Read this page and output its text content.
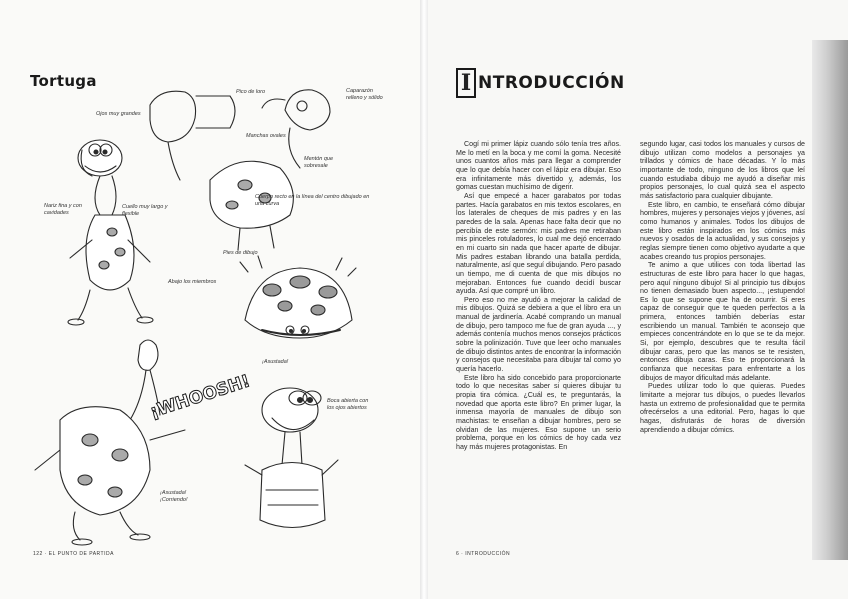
Tortuga
¡WHOOSH!
Ojos muy grandes
Pico de loro	Caparazón relleno y sólido
Manchas ovales
Mentón que sobresale
Cuerpo recto en la línea del centro dibujado en una curva
Nariz fina y con cavidades
Cuello muy largo y flexible
Pies de dibujo
Abajo los miembros
¡Asustada!
Boca abierta con los ojos abiertos
¡Asustada! ¡Corriendo!
122 · EL PUNTO DE PARTIDA
I NTRODUCCIÓN

Cogí mi primer lápiz cuando sólo tenía tres años. Me lo metí en la boca y me comí la goma. Necesité unos cuantos años más para llegar a comprender que lo que debía hacer con el lápiz era dibujar. Eso era infinitamente más divertido y, además, los gomas cuestan muchísimo de digerir.

Así que empecé a hacer garabatos por todas partes. Hacía garabatos en mis textos escolares, en los laterales de cheques de mis padres y en las paredes de la sala. Apenas hace falta decir que no percibía de este sermón: mis padres me retiraban mis pinceles rotuladores, lo cual me dejó encerrado en mi cuarto sin nada que hacer aparte de dibujar. Mis padres estaban librando una batalla perdida, naturalmente, así que seguí dibujando. Pero pasado un tiempo, me di cuenta de que mis dibujos no mejoraban. Entonces fue cuando decidí buscar ayuda. Así que compré un libro.

Pero eso no me ayudó a mejorar la calidad de mis dibujos. Quizá se debiera a que el libro era un manual de jardinería. Acabé comprando un manual de dibujo, pero tampoco me fue de gran ayuda ..., y además contenía muchos menos consejos prácticos sobre la polinización. Tuve que leer ocho manuales de dibujo distintos antes de encontrar la información y consejos que necesitaba para dibujar tal como yo quería hacerlo.

Este libro ha sido concebido para proporcionarte todo lo que necesitas saber si quieres dibujar tu propia tira cómica. ¿Cuál es, te preguntarás, la novedad que aporta este libro? En primer lugar, la inmensa mayoría de manuales de dibujo son machistas: te enseñan a dibujar hombres, pero se olvidan de las mujeres. Eso supone un serio problema, porque en los cómics de hoy cada vez hay más mujeres protagonistas. En

segundo lugar, casi todos los manuales y cursos de dibujo utilizan como modelos a personajes ya trillados y cómics de hace décadas. Y lo más importante de todo, ninguno de los libros que leí cuando estudiaba dibujo me ayudó a diseñar mis propios personajes, lo cual quizá sea el aspecto más satisfactorio para cualquier dibujante.

Este libro, en cambio, te enseñará cómo dibujar hombres, mujeres y personajes viejos y jóvenes, así como humanos y animales. Todos los dibujos de este libro están inspirados en los cómics más nuevos y osados de la actualidad, y sus consejos y reglas siempre tienen como objetivo ayudarte a que acabes creando tus propios personajes.

Te animo a que utilices con toda libertad las estructuras de este libro para hacer lo que hagas, pero aquí ninguno dibujo! Si al principio tus dibujos no tienen demasiado buen aspecto..., ¡estupendo! Es lo que se supone que ha de ocurrir. Si eres capaz de conseguir que te queden perfectos a la primera, entonces también deberías estar escribiendo un manual. También te aconsejo que empieces concentrándote en lo que se te da mejor. Si, por ejemplo, descubres que te resulta fácil dibujar caras, pero que las manos se te resisten, entonces dibuja caras. Eso te proporcionará la confianza que necesitas para enfrentarte a los dibujos de mayor dificultad más adelante.

Puedes utilizar todo lo que quieras. Puedes limitarte a mejorar tus dibujos, o puedes llevarlos hasta un extremo de profesionalidad que te permita ofrecérselos a una editorial. Pero, hagas lo que hagas, disfrutarás de horas de diversión aprendiendo a dibujar cómics.

6 · INTRODUCCIÓN
